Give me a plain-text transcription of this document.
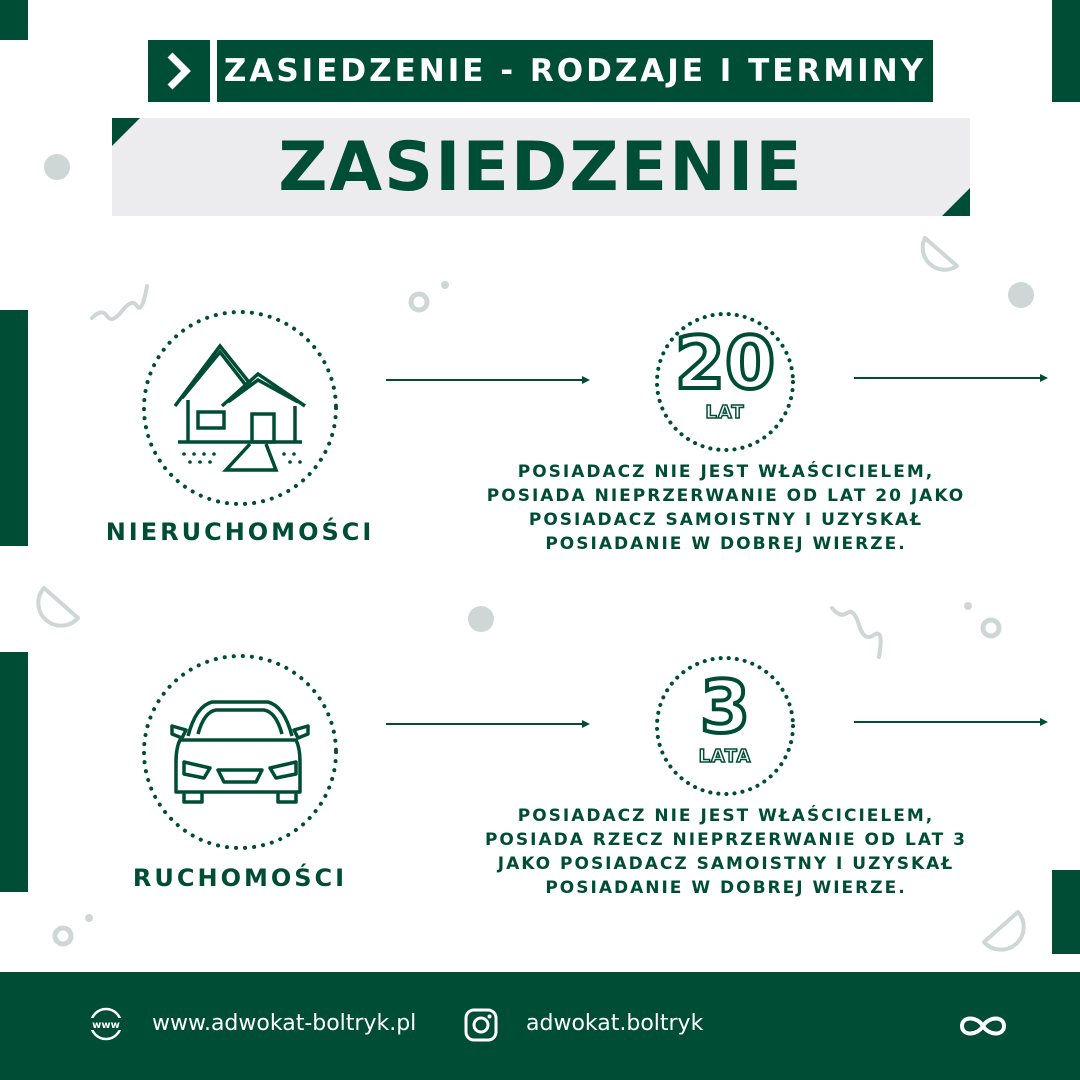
ZASIEDZENIE - RODZAJE I TERMINY
ZASIEDZENIE
NIERUCHOMOŚCI
20
LAT
POSIADACZ NIE JEST WŁAŚCICIELEM,
POSIADA NIEPRZERWANIE OD LAT 20 JAKO
POSIADACZ SAMOISTNY I UZYSKAŁ
POSIADANIE W DOBREJ WIERZE.
RUCHOMOŚCI
3
LATA
POSIADACZ NIE JEST WŁAŚCICIELEM,
POSIADA RZECZ NIEPRZERWANIE OD LAT 3
JAKO POSIADACZ SAMOISTNY I UZYSKAŁ
POSIADANIE W DOBREJ WIERZE.
www www.adwokat-boltryk.pl	adwokat.boltryk
